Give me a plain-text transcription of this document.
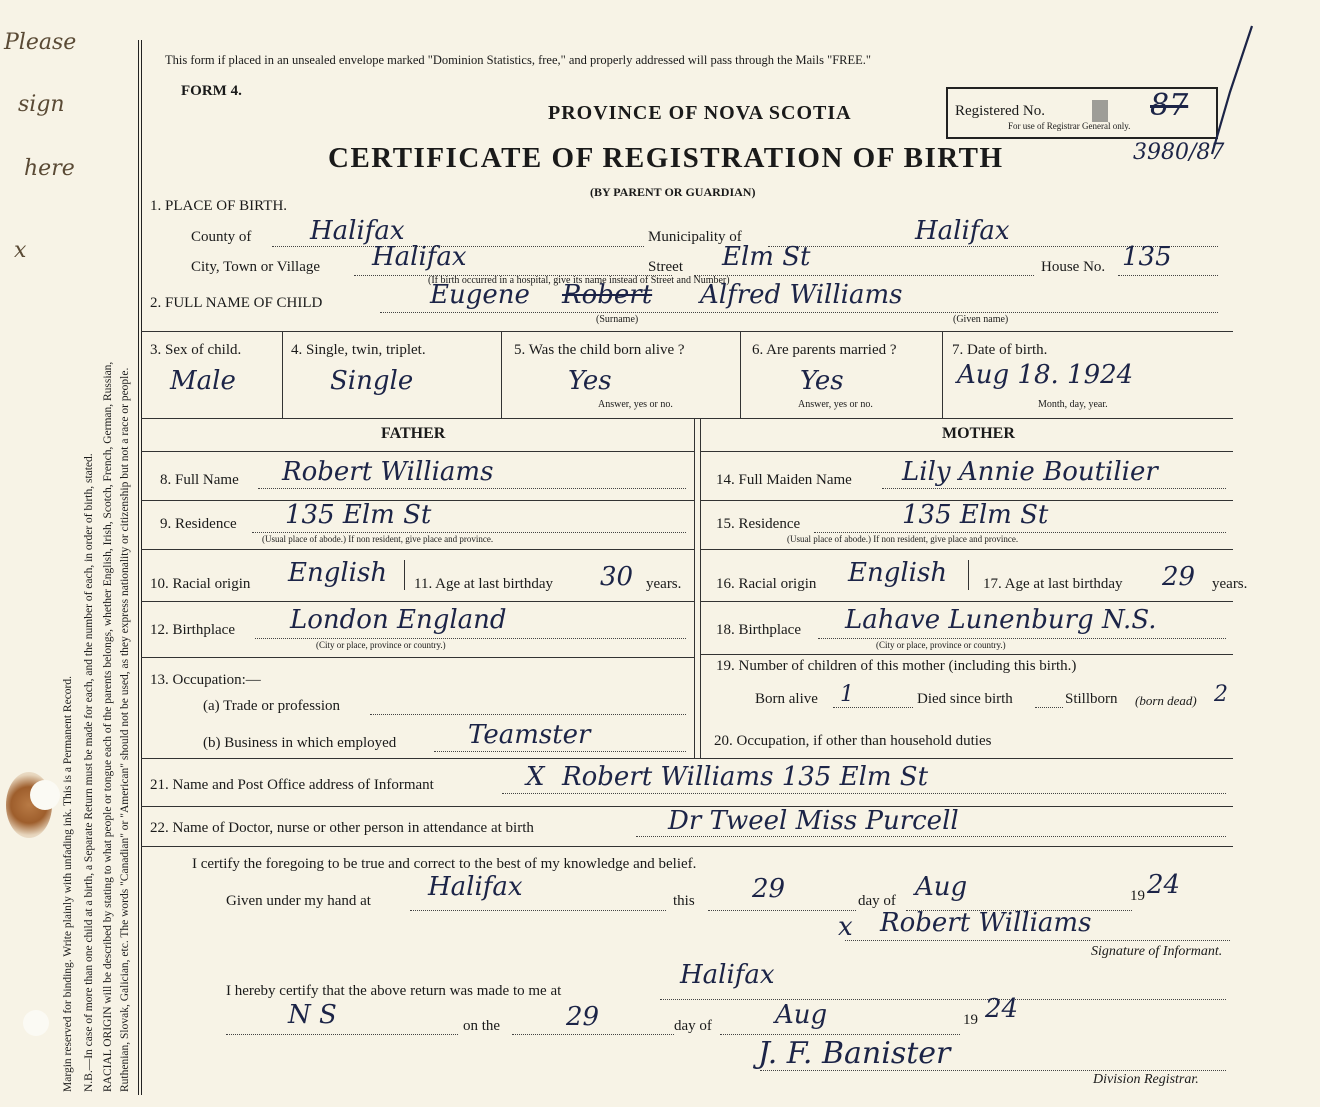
Please
sign
here
x
Margin reserved for binding. Write plainly with unfading ink. This is a Permanent Record. N.B.—In case of more than one child at a birth, a Separate Return must be made for each, and the number of each, in order of birth, stated. RACIAL ORIGIN will be described by stating to what people or tongue each of the parents belongs, whether English, Irish, Scotch, French, German, Russian, Ruthenian, Slovak, Galician, etc. The words "Canadian" or "American" should not be used, as they express nationality or citizenship but not a race or people.
This form if placed in an unsealed envelope marked "Dominion Statistics, free," and properly addressed will pass through the Mails "FREE."
FORM 4.
PROVINCE OF NOVA SCOTIA
CERTIFICATE OF REGISTRATION OF BIRTH
(BY PARENT OR GUARDIAN)
Registered No.	87
For use of Registrar General only.
3980/87
1. PLACE OF BIRTH.
County of Halifax	Municipality of	Halifax
City, Town or Village Halifax
(If birth occurred in a hospital, give its name instead of Street and Number)
Street Elm St	House No. 135
2. FULL NAME OF CHILD	Eugene Robert Alfred Williams
(Surname)	(Given name)
3. Sex of child.
Male
4. Single, twin, triplet.
Single
5. Was the child born alive ?
Yes
Answer, yes or no.
6. Are parents married ?
Yes
Answer, yes or no.
7. Date of birth.
Aug 18. 1924
Month, day, year.
FATHER	MOTHER
8. Full Name Robert Williams
9. Residence 135 Elm St
(Usual place of abode.) If non resident, give place and province.
10. Racial origin English 11. Age at last birthday 30 years.
12. Birthplace London England
(City or place, province or country.)
13. Occupation:—
(a) Trade or profession
(b) Business in which employed	Teamster
14. Full Maiden Name Lily Annie Boutilier
15. Residence	135 Elm St
(Usual place of abode.) If non resident, give place and province.
16. Racial origin English 17. Age at last birthday 29 years.
18. Birthplace Lahave Lunenburg N.S.
(City or place, province or country.)
19. Number of children of this mother (including this birth.)
Born alive 1	Died since birth	Stillborn (born dead) 2
20. Occupation, if other than household duties
21. Name and Post Office address of Informant	X Robert Williams 135 Elm St
22. Name of Doctor, nurse or other person in attendance at birth	Dr Tweel Miss Purcell
I certify the foregoing to be true and correct to the best of my knowledge and belief.
Given under my hand at Halifax	this 29	day of Aug	19 24
x Robert Williams
Signature of Informant.
I hereby certify that the above return was made to me at
Halifax
N S	on the	29	day of Aug	19 24
J. F. Banister
Division Registrar.
